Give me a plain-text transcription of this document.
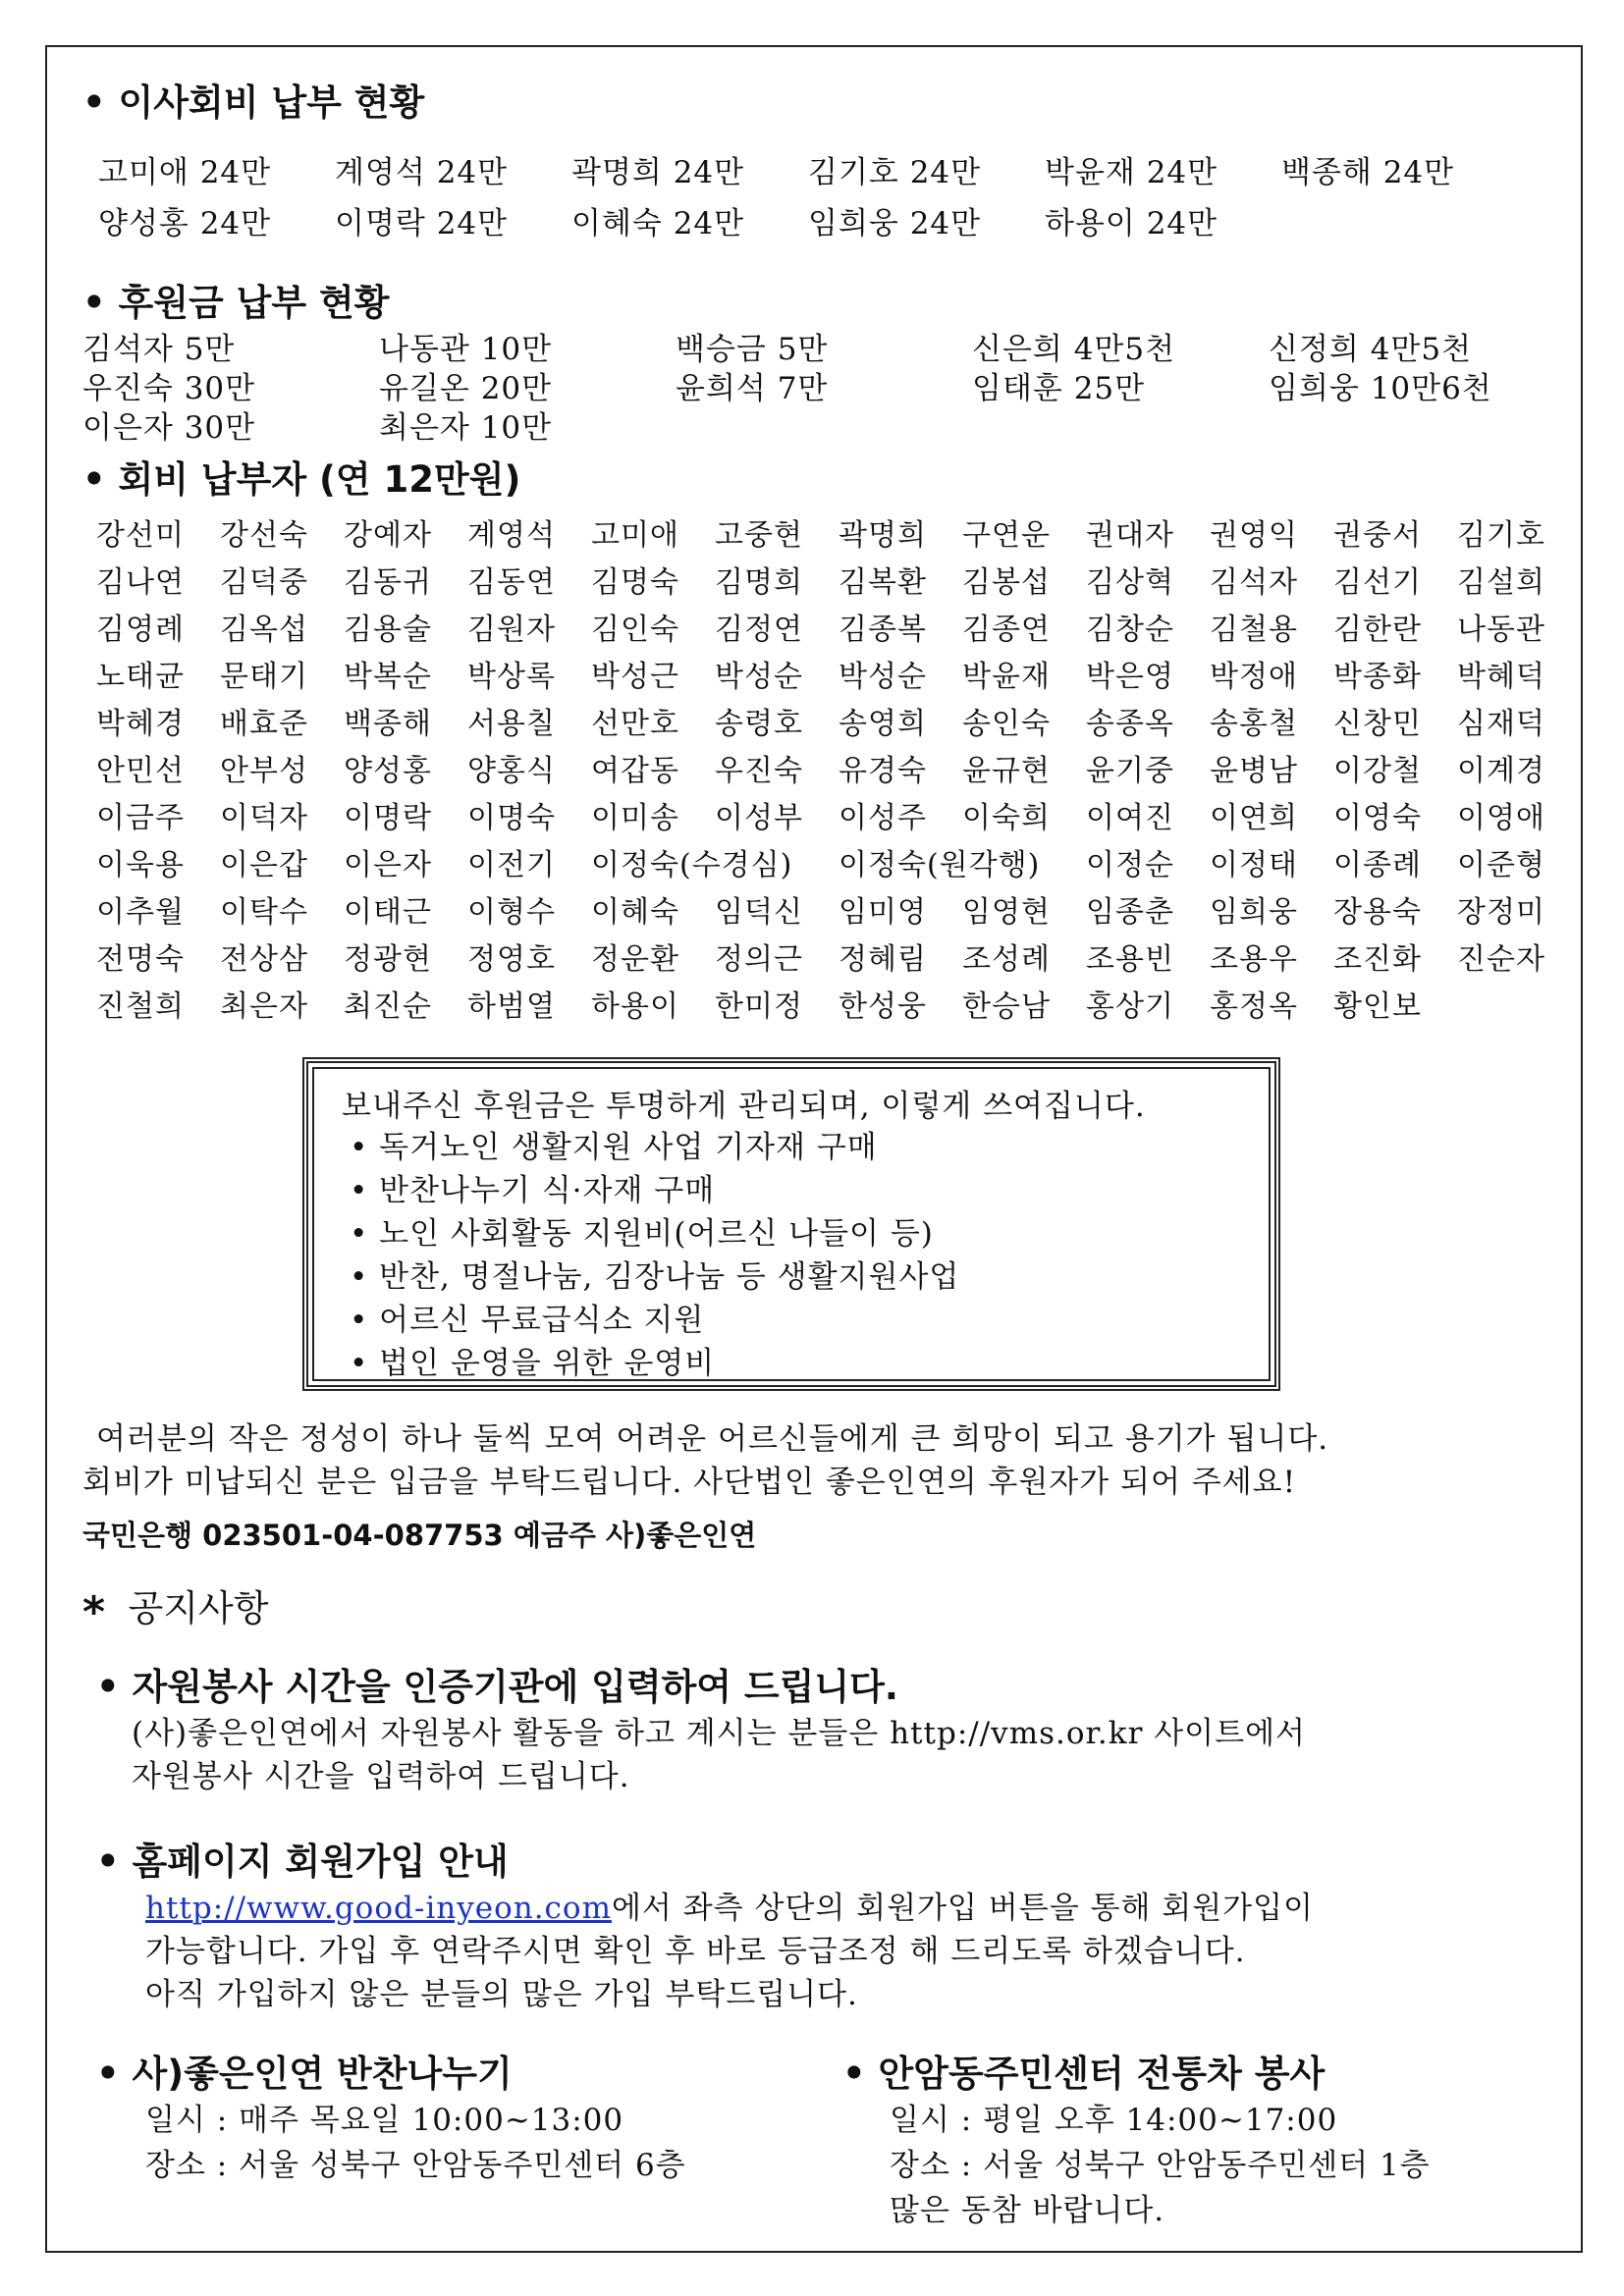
• 이사회비 납부 현황
고미애 24만 계영석 24만 곽명희 24만 김기호 24만 박윤재 24만 백종해 24만
양성홍 24만 이명락 24만 이혜숙 24만 임희웅 24만 하용이 24만
• 후원금 납부 현황
김석자 5만	나동관 10만	백승금 5만	신은희 4만5천	신정희 4만5천
우진숙 30만	유길온 20만	윤희석 7만	임태훈 25만	임희웅 10만6천
이은자 30만	최은자 10만
• 회비 납부자 (연 12만원)
강선미 강선숙 강예자 계영석 고미애 고중현 곽명희 구연운 권대자 권영익 권중서 김기호
김나연 김덕중 김동귀 김동연 김명숙 김명희 김복환 김봉섭 김상혁 김석자 김선기 김설희
김영례 김옥섭 김용술 김원자 김인숙 김정연 김종복 김종연 김창순 김철용 김한란 나동관
노태균 문태기 박복순 박상록 박성근 박성순 박성순 박윤재 박은영 박정애 박종화 박혜덕
박혜경 배효준 백종해 서용칠 선만호 송령호 송영희 송인숙 송종옥 송홍철 신창민 심재덕
안민선 안부성 양성홍 양홍식 여갑동 우진숙 유경숙 윤규현 윤기중 윤병남 이강철 이계경
이금주 이덕자 이명락 이명숙 이미송 이성부 이성주 이숙희 이여진 이연희 이영숙 이영애
이욱용 이은갑 이은자 이전기 이정숙(수경심) 이정숙(원각행) 이정순 이정태 이종례 이준형
이추월 이탁수 이태근 이형수 이혜숙 임덕신 임미영 임영현 임종춘 임희웅 장용숙 장정미
전명숙 전상삼 정광현 정영호 정운환 정의근 정혜림 조성례 조용빈 조용우 조진화 진순자
진철희 최은자 최진순 하범열 하용이 한미정 한성웅 한승남 홍상기 홍정옥 황인보
보내주신 후원금은 투명하게 관리되며, 이렇게 쓰여집니다.
• 독거노인 생활지원 사업 기자재 구매
• 반찬나누기 식·자재 구매
• 노인 사회활동 지원비(어르신 나들이 등)
• 반찬, 명절나눔, 김장나눔 등 생활지원사업
• 어르신 무료급식소 지원
• 법인 운영을 위한 운영비
여러분의 작은 정성이 하나 둘씩 모여 어려운 어르신들에게 큰 희망이 되고 용기가 됩니다.
회비가 미납되신 분은 입금을 부탁드립니다. 사단법인 좋은인연의 후원자가 되어 주세요!
국민은행 023501-04-087753 예금주 사)좋은인연
* 공지사항
• 자원봉사 시간을 인증기관에 입력하여 드립니다.
(사)좋은인연에서 자원봉사 활동을 하고 계시는 분들은 http://vms.or.kr 사이트에서
자원봉사 시간을 입력하여 드립니다.
• 홈페이지 회원가입 안내
http://www.good-inyeon.com에서 좌측 상단의 회원가입 버튼을 통해 회원가입이
가능합니다. 가입 후 연락주시면 확인 후 바로 등급조정 해 드리도록 하겠습니다.
아직 가입하지 않은 분들의 많은 가입 부탁드립니다.
• 사)좋은인연 반찬나누기
일시 : 매주 목요일 10:00~13:00
장소 : 서울 성북구 안암동주민센터 6층
• 안암동주민센터 전통차 봉사
일시 : 평일 오후 14:00~17:00
장소 : 서울 성북구 안암동주민센터 1층
많은 동참 바랍니다.
